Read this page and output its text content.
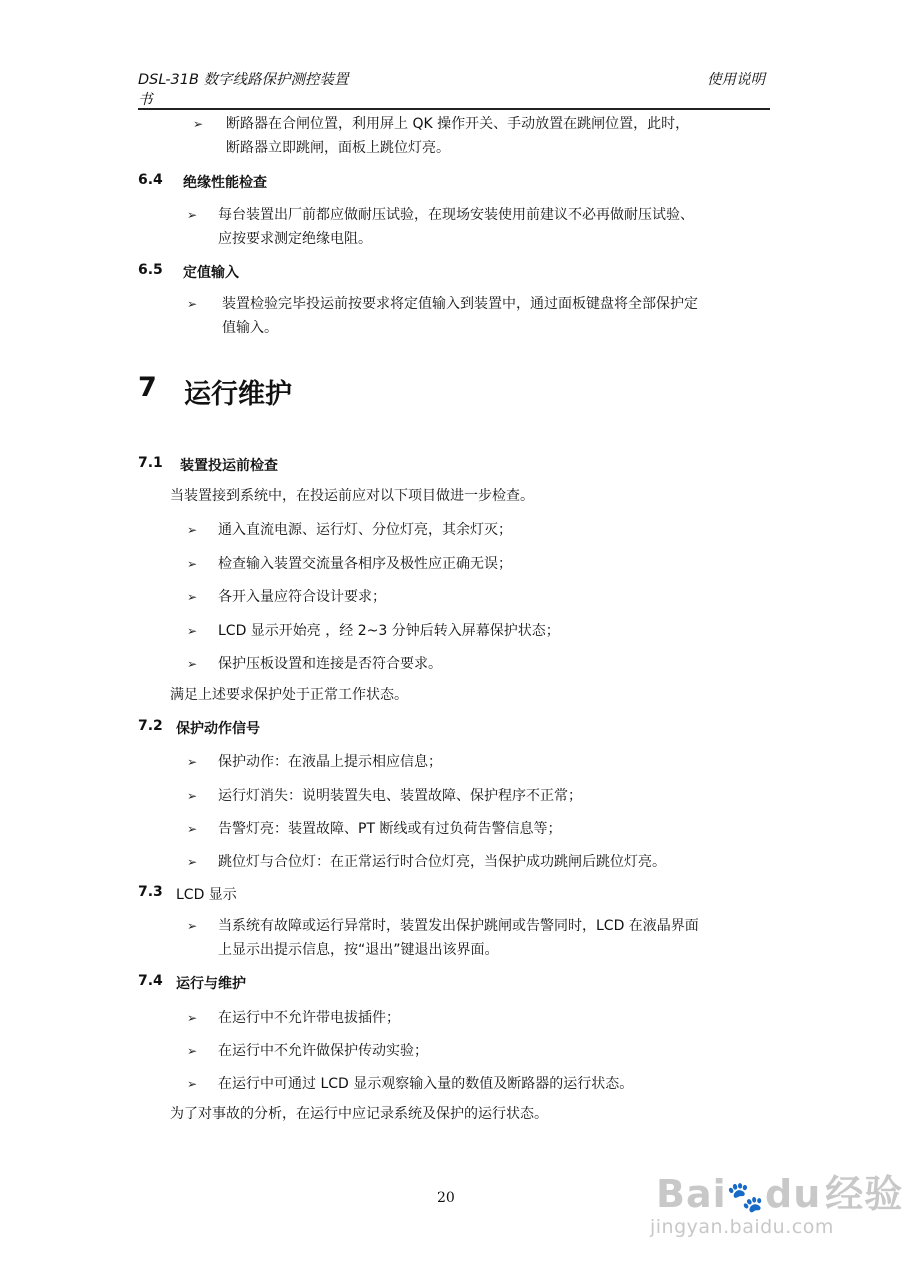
DSL-31B 数字线路保护测控装置
书
使用说明
➢ 断路器在合闸位置，利用屏上 QK 操作开关、手动放置在跳闸位置，此时，
断路器立即跳闸，面板上跳位灯亮。
6.4 绝缘性能检查
➢ 每台装置出厂前都应做耐压试验，在现场安装使用前建议不必再做耐压试验、
应按要求测定绝缘电阻。
6.5 定值输入
➢ 装置检验完毕投运前按要求将定值输入到装置中，通过面板键盘将全部保护定
值输入。
7 运行维护
7.1 装置投运前检查
当装置接到系统中，在投运前应对以下项目做进一步检查。
➢ 通入直流电源、运行灯、分位灯亮，其余灯灭；
➢ 检查输入装置交流量各相序及极性应正确无误；
➢ 各开入量应符合设计要求；
➢ LCD 显示开始亮 ，经 2~3 分钟后转入屏幕保护状态；
➢ 保护压板设置和连接是否符合要求。
满足上述要求保护处于正常工作状态。
7.2 保护动作信号
➢ 保护动作：在液晶上提示相应信息；
➢ 运行灯消失：说明装置失电、装置故障、保护程序不正常；
➢ 告警灯亮：装置故障、PT 断线或有过负荷告警信息等；
➢ 跳位灯与合位灯：在正常运行时合位灯亮，当保护成功跳闸后跳位灯亮。
7.3 LCD 显示
➢ 当系统有故障或运行异常时，装置发出保护跳闸或告警同时，LCD 在液晶界面
上显示出提示信息，按“退出”键退出该界面。
7.4 运行与维护
➢ 在运行中不允许带电拔插件；
➢ 在运行中不允许做保护传动实验；
➢ 在运行中可通过 LCD 显示观察输入量的数值及断路器的运行状态。
为了对事故的分析，在运行中应记录系统及保护的运行状态。
20	Bai🐾du 经验
jingyan.baidu.com
